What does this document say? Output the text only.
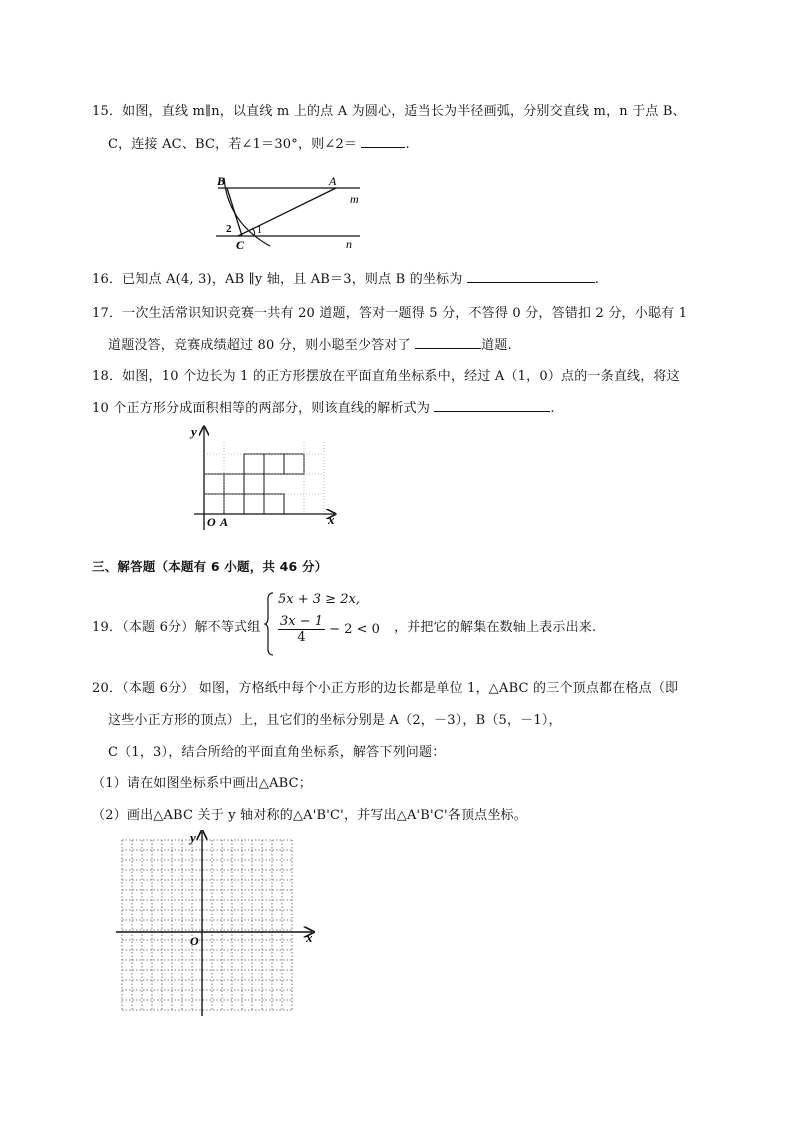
15．如图，直线 m∥n，以直线 m 上的点 A 为圆心，适当长为半径画弧，分别交直线 m，n 于点 B、
C，连接 AC、BC，若∠1＝30°，则∠2＝	.
B	A
m
n
C
1
2
16．已知点 A(4, 3)，AB ∥y 轴，且 AB＝3，则点 B 的坐标为	.
17．一次生活常识知识竞赛一共有 20 道题，答对一题得 5 分，不答得 0 分，答错扣 2 分，小聪有 1
道题没答，竞赛成绩超过 80 分，则小聪至少答对了	道题.
18．如图，10 个边长为 1 的正方形摆放在平面直角坐标系中，经过 A（1，0）点的一条直线，将这
10 个正方形分成面积相等的两部分，则该直线的解析式为	.
y
x
O A
三、解答题（本题有 6 小题，共 46 分）
19．（本题 6分）解不等式组
5x + 3 ≥ 2x,
$\frac{3x - 1}{4} - 2 < 0$ ，并把它的解集在数轴上表示出来.
20．（本题 6分） 如图，方格纸中每个小正方形的边长都是单位 1，△ABC 的三个顶点都在格点（即
这些小正方形的顶点）上，且它们的坐标分别是 A（2，－3），B（5，－1），
C（1，3），结合所给的平面直角坐标系，解答下列问题：
（1）请在如图坐标系中画出△ABC；
（2）画出△ABC 关于 y 轴对称的△A'B'C'，并写出△A'B'C'各顶点坐标。
y
x
O
